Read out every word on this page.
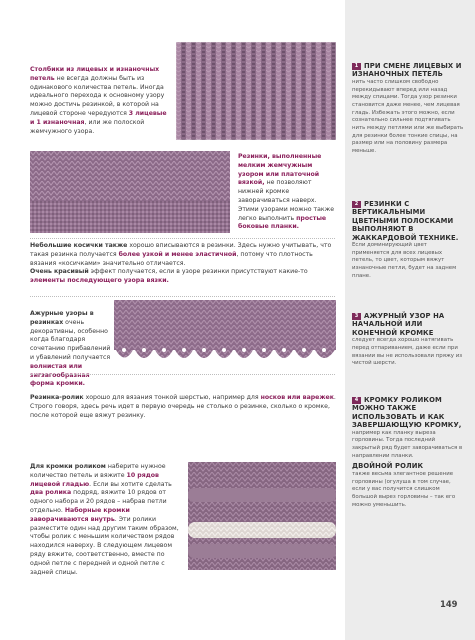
Столбики из лицевых и изнаночных петель не всегда должны быть из одинакового количества петель. Иногда идеального перехода к основному узору можно достичь резинкой, в которой на лицевой стороне чередуются 3 лицевые и 1 изнаночная, или же полоской жемчужного узора.

Резинки, выполненные мелким жемчужным узором или платочной вязкой, не позволяют нижней кромке заворачиваться наверх. Этими узорами можно также легко выполнить простые боковые планки.

Небольшие косички также хорошо вписываются в резинки. Здесь нужно учитывать, что такая резинка получается более узкой и менее эластичной, потому что плотность вязания «косичками» значительно отличается.
Очень красивый эффект получается, если в узоре резинки присутствуют какие-то элементы последующего узора вязки.

Ажурные узоры в резинках очень декоративны, особенно когда благодаря сочетанию прибавлений и убавлений получается волнистая или зигзагообразная форма кромки.

Резинка-ролик хорошо для вязания тонкой шерстью, например для носков или варежек. Строго говоря, здесь речь идет в первую очередь не столько о резинке, сколько о кромке, после которой еще вяжут резинку.

Для кромки роликом наберите нужное количество петель и вяжите 10 рядов лицевой гладью. Если вы хотите сделать два ролика подряд, вяжите 10 рядов от одного набора и 20 рядов – набрав петли отдельно. Наборные кромки заворачиваются внутрь. Эти ролики разместите один над другим таким образом, чтобы ролик с меньшим количеством рядов находился наверху. В следующем лицевом ряду вяжите, соответственно, вместе по одной петле с передней и одной петле с задней спицы.

1 ПРИ СМЕНЕ ЛИЦЕВЫХ И ИЗНАНОЧНЫХ ПЕТЕЛЬ
нить часто слишком свободно перекидывают вперед или назад между спицами. Тогда узор резинки становится даже менее, чем лицевая гладь. Избежать этого можно, если сознательно сильнее подтягивать нить между петлями или же выбирать для резинки более тонкие спицы, на размер или на половину размера меньше.
2 РЕЗИНКИ С ВЕРТИКАЛЬНЫМИ ЦВЕТНЫМИ ПОЛОСКАМИ ВЫПОЛНЯЮТ В ЖАККАРДОВОЙ ТЕХНИКЕ.
Если доминирующий цвет применяется для всех лицевых петель, то цвет, которым вяжут изнаночные петли, будет на заднем плане.
3 АЖУРНЫЙ УЗОР НА НАЧАЛЬНОЙ ИЛИ КОНЕЧНОЙ КРОМКЕ
следует всегда хорошо натягивать перед отпариванием, даже если при вязании вы не использовали пряжу из чистой шерсти.
4 КРОМКУ РОЛИКОМ МОЖНО ТАКЖЕ ИСПОЛЬЗОВАТЬ И КАК ЗАВЕРШАЮЩУЮ КРОМКУ,
например как планку выреза горловины. Тогда последний закрытый ряд будет заворачиваться в направлении планки.
ДВОЙНОЙ РОЛИК
также весьма элегантное решение горловины (огулуша в том случае, если у вас получится слишком большой вырез горловины – так его можно уменьшить.
149
